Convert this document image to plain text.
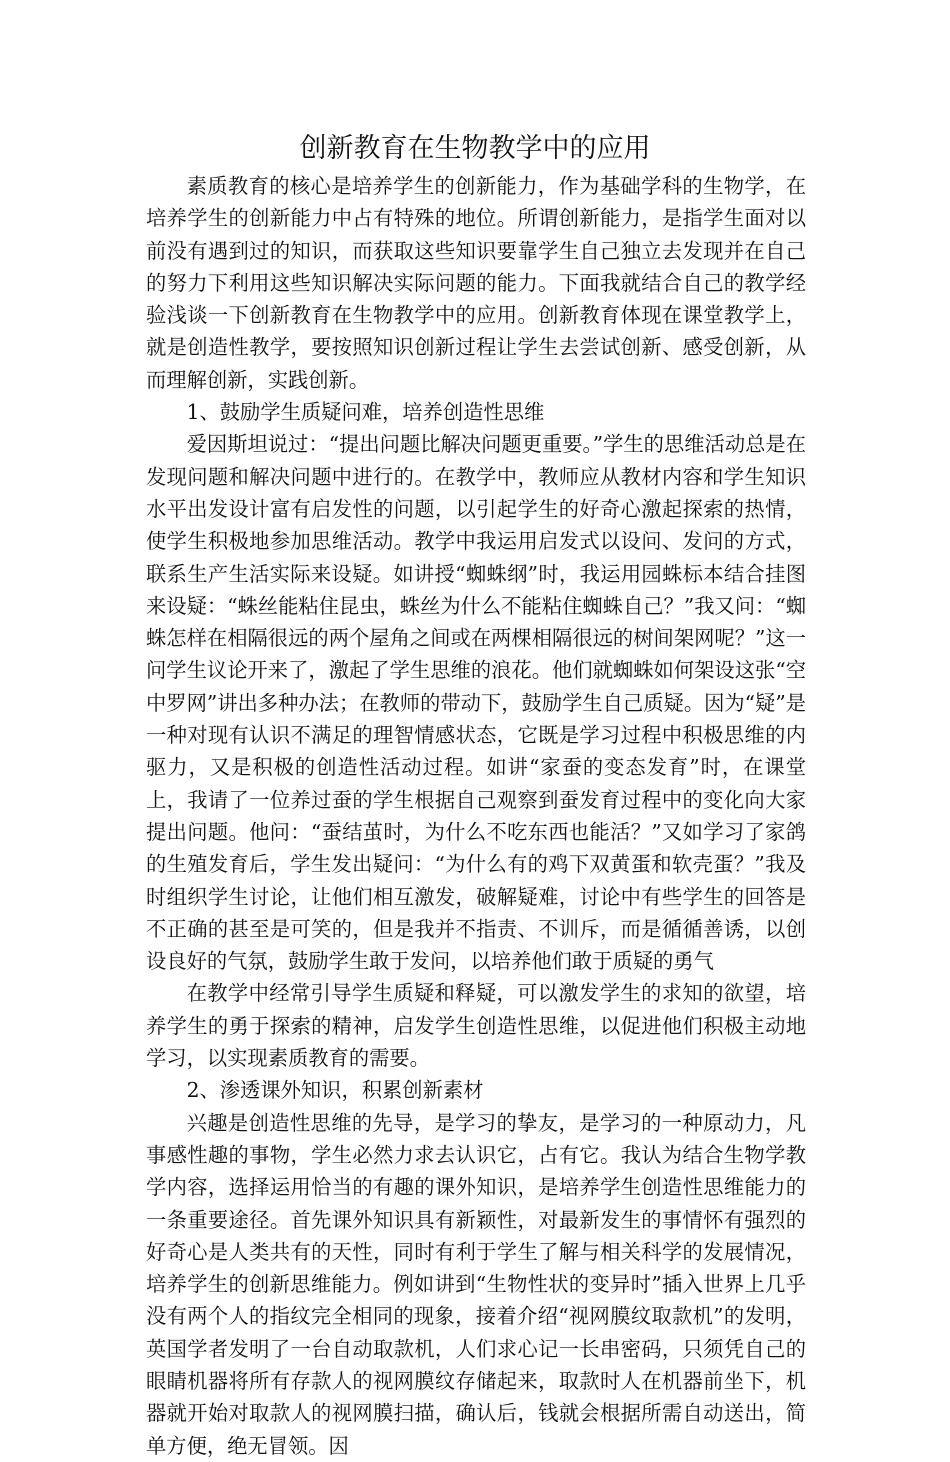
创新教育在生物教学中的应用

素质教育的核心是培养学生的创新能力，作为基础学科的生物学，在培养学生的创新能力中占有特殊的地位。所谓创新能力，是指学生面对以前没有遇到过的知识，而获取这些知识要靠学生自己独立去发现并在自己的努力下利用这些知识解决实际问题的能力。下面我就结合自己的教学经验浅谈一下创新教育在生物教学中的应用。创新教育体现在课堂教学上，就是创造性教学，要按照知识创新过程让学生去尝试创新、感受创新，从而理解创新，实践创新。

1、鼓励学生质疑问难，培养创造性思维

爱因斯坦说过：“提出问题比解决问题更重要。”学生的思维活动总是在发现问题和解决问题中进行的。在教学中，教师应从教材内容和学生知识水平出发设计富有启发性的问题，以引起学生的好奇心激起探索的热情，使学生积极地参加思维活动。教学中我运用启发式以设问、发问的方式，联系生产生活实际来设疑。如讲授“蜘蛛纲”时，我运用园蛛标本结合挂图来设疑：“蛛丝能粘住昆虫，蛛丝为什么不能粘住蜘蛛自己？”我又问：“蜘蛛怎样在相隔很远的两个屋角之间或在两棵相隔很远的树间架网呢？”这一问学生议论开来了，激起了学生思维的浪花。他们就蜘蛛如何架设这张“空中罗网”讲出多种办法；在教师的带动下，鼓励学生自己质疑。因为“疑”是一种对现有认识不满足的理智情感状态，它既是学习过程中积极思维的内驱力，又是积极的创造性活动过程。如讲“家蚕的变态发育”时，在课堂上，我请了一位养过蚕的学生根据自己观察到蚕发育过程中的变化向大家提出问题。他问：“蚕结茧时，为什么不吃东西也能活？”又如学习了家鸽的生殖发育后，学生发出疑问：“为什么有的鸡下双黄蛋和软壳蛋？”我及时组织学生讨论，让他们相互激发，破解疑难，讨论中有些学生的回答是不正确的甚至是可笑的，但是我并不指责、不训斥，而是循循善诱，以创设良好的气氛，鼓励学生敢于发问，以培养他们敢于质疑的勇气

在教学中经常引导学生质疑和释疑，可以激发学生的求知的欲望，培养学生的勇于探索的精神，启发学生创造性思维，以促进他们积极主动地学习，以实现素质教育的需要。

2、渗透课外知识，积累创新素材

兴趣是创造性思维的先导，是学习的挚友，是学习的一种原动力，凡事感性趣的事物，学生必然力求去认识它，占有它。我认为结合生物学教学内容，选择运用恰当的有趣的课外知识，是培养学生创造性思维能力的一条重要途径。首先课外知识具有新颖性，对最新发生的事情怀有强烈的好奇心是人类共有的天性，同时有利于学生了解与相关科学的发展情况，培养学生的创新思维能力。例如讲到“生物性状的变异时”插入世界上几乎没有两个人的指纹完全相同的现象，接着介绍“视网膜纹取款机”的发明，英国学者发明了一台自动取款机，人们求心记一长串密码，只须凭自己的眼睛机器将所有存款人的视网膜纹存储起来，取款时人在机器前坐下，机器就开始对取款人的视网膜扫描，确认后，钱就会根据所需自动送出，简单方便，绝无冒领。因
